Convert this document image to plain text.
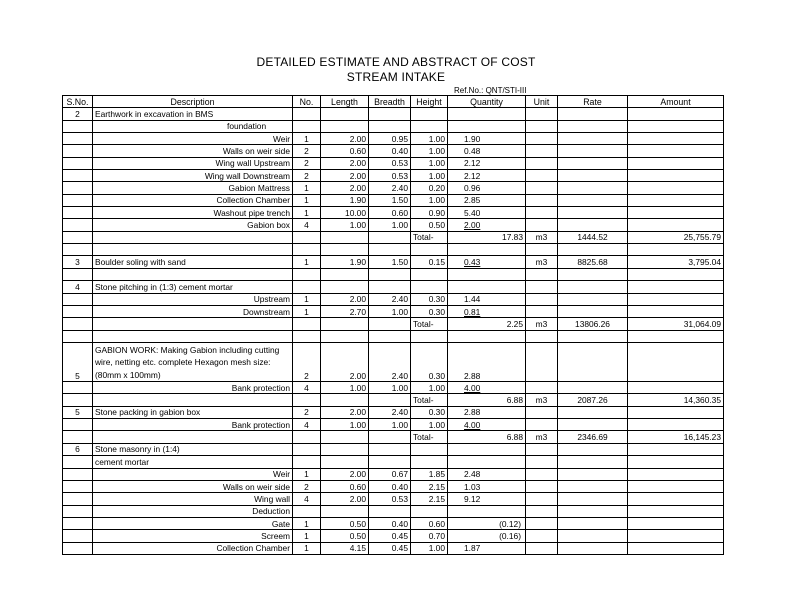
DETAILED ESTIMATE AND ABSTRACT OF COST
STREAM INTAKE
Ref.No.: QNT/STI-III
S.No.	Description	No.	Length	Breadth	Height	Quantity	Unit	Rate	Amount
2	Earthwork in excavation in BMS								
	foundation								
	Weir	1	2.00	0.95	1.00	1.90			
	Walls on weir side	2	0.60	0.40	1.00	0.48			
	Wing wall Upstream	2	2.00	0.53	1.00	2.12			
	Wing wall Downstream	2	2.00	0.53	1.00	2.12			
	Gabion Mattress	1	2.00	2.40	0.20	0.96			
	Collection Chamber	1	1.90	1.50	1.00	2.85			
	Washout pipe trench	1	10.00	0.60	0.90	5.40			
	Gabion box	4	1.00	1.00	0.50	2.00			
					Total-	17.83	m3	1444.52	25,755.79

3	Boulder soling with sand	1	1.90	1.50	0.15	0.43	m3	8825.68	3,795.04

4	Stone pitching in (1:3) cement mortar								
	Upstream	1	2.00	2.40	0.30	1.44			
	Downstream	1	2.70	1.00	0.30	0.81			
					Total-	2.25	m3	13806.26	31,064.09

5	GABION WORK: Making Gabion including cutting wire, netting etc. complete Hexagon mesh size: (80mm x 100mm)	2	2.00	2.40	0.30	2.88			
	Bank protection	4	1.00	1.00	1.00	4.00			
					Total-	6.88	m3	2087.26	14,360.35
5	Stone packing in gabion box	2	2.00	2.40	0.30	2.88			
	Bank protection	4	1.00	1.00	1.00	4.00			
					Total-	6.88	m3	2346.69	16,145.23
6	Stone masonry in (1:4)								
	cement mortar								
	Weir	1	2.00	0.67	1.85	2.48			
	Walls on weir side	2	0.60	0.40	2.15	1.03			
	Wing wall	4	2.00	0.53	2.15	9.12			
	Deduction								
	Gate	1	0.50	0.40	0.60	(0.12)			
	Screem	1	0.50	0.45	0.70	(0.16)			
	Collection Chamber	1	4.15	0.45	1.00	1.87			
